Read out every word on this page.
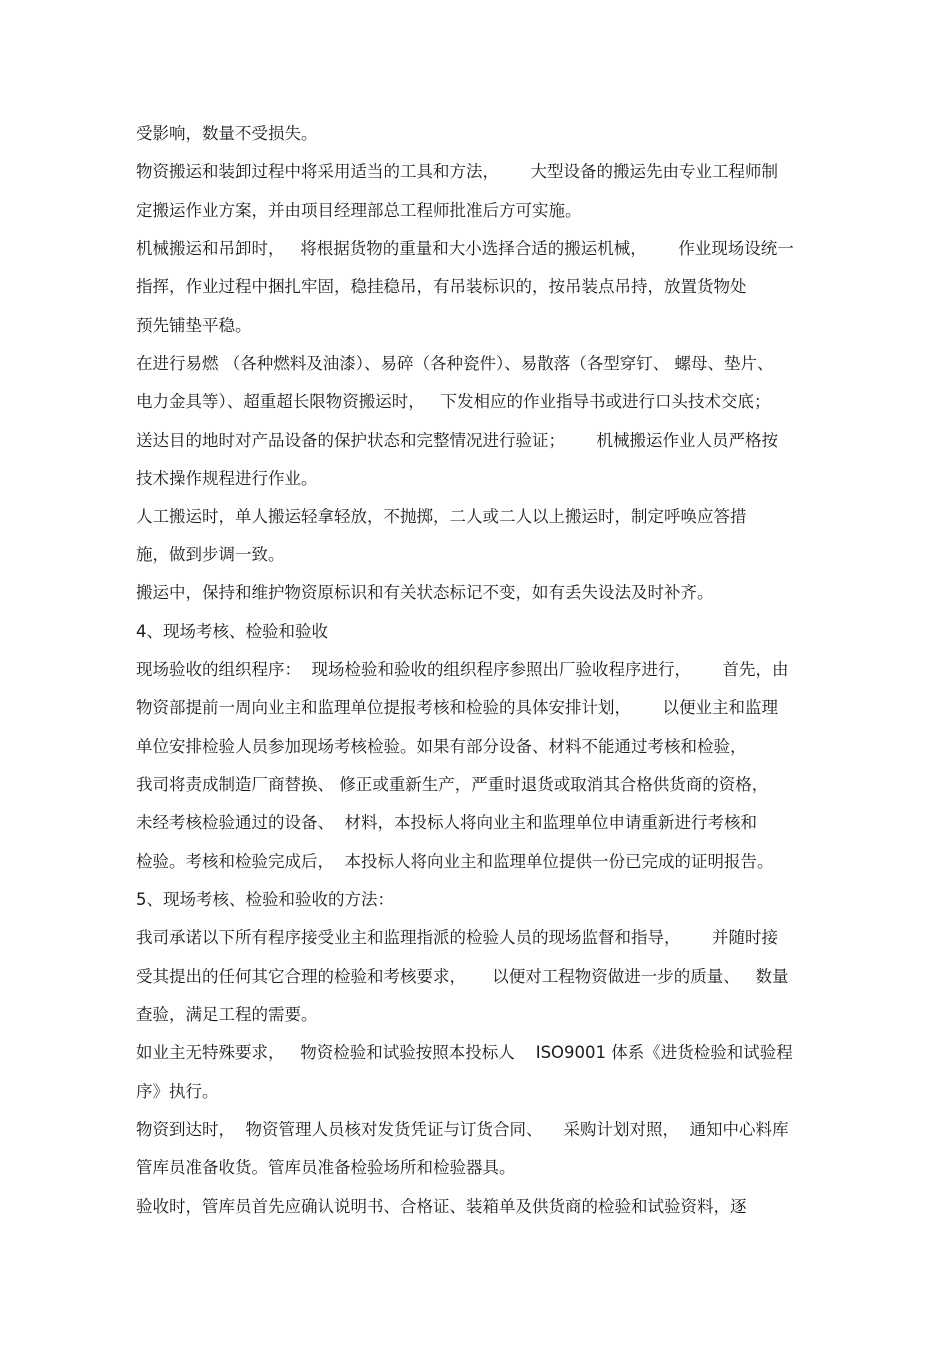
受影响，数量不受损失。
物资搬运和装卸过程中将采用适当的工具和方法，      大型设备的搬运先由专业工程师制
定搬运作业方案，并由项目经理部总工程师批准后方可实施。
机械搬运和吊卸时，   将根据货物的重量和大小选择合适的搬运机械，      作业现场设统一
指挥，作业过程中捆扎牢固，稳挂稳吊，有吊装标识的，按吊装点吊持，放置货物处
预先铺垫平稳。
在进行易燃 （各种燃料及油漆）、易碎（各种瓷件）、易散落（各型穿钉、 螺母、垫片、
电力金具等）、超重超长限物资搬运时，   下发相应的作业指导书或进行口头技术交底；
送达目的地时对产品设备的保护状态和完整情况进行验证；      机械搬运作业人员严格按
技术操作规程进行作业。
人工搬运时，单人搬运轻拿轻放，不抛掷，二人或二人以上搬运时，制定呼唤应答措
施，做到步调一致。
搬运中，保持和维护物资原标识和有关状态标记不变，如有丢失设法及时补齐。
4、现场考核、检验和验收
现场验收的组织程序：  现场检验和验收的组织程序参照出厂验收程序进行，      首先，由
物资部提前一周向业主和监理单位提报考核和检验的具体安排计划，      以便业主和监理
单位安排检验人员参加现场考核检验。如果有部分设备、材料不能通过考核和检验，
我司将责成制造厂商替换、 修正或重新生产，严重时退货或取消其合格供货商的资格，
未经考核检验通过的设备、  材料，本投标人将向业主和监理单位申请重新进行考核和
检验。考核和检验完成后，  本投标人将向业主和监理单位提供一份已完成的证明报告。
5、现场考核、检验和验收的方法：
我司承诺以下所有程序接受业主和监理指派的检验人员的现场监督和指导，      并随时接
受其提出的任何其它合理的检验和考核要求，     以便对工程物资做进一步的质量、   数量
查验，满足工程的需要。
如业主无特殊要求，   物资检验和试验按照本投标人    ISO9001 体系《进货检验和试验程
序》执行。
物资到达时，  物资管理人员核对发货凭证与订货合同、    采购计划对照，  通知中心料库
管库员准备收货。管库员准备检验场所和检验器具。
验收时，管库员首先应确认说明书、合格证、装箱单及供货商的检验和试验资料，逐
